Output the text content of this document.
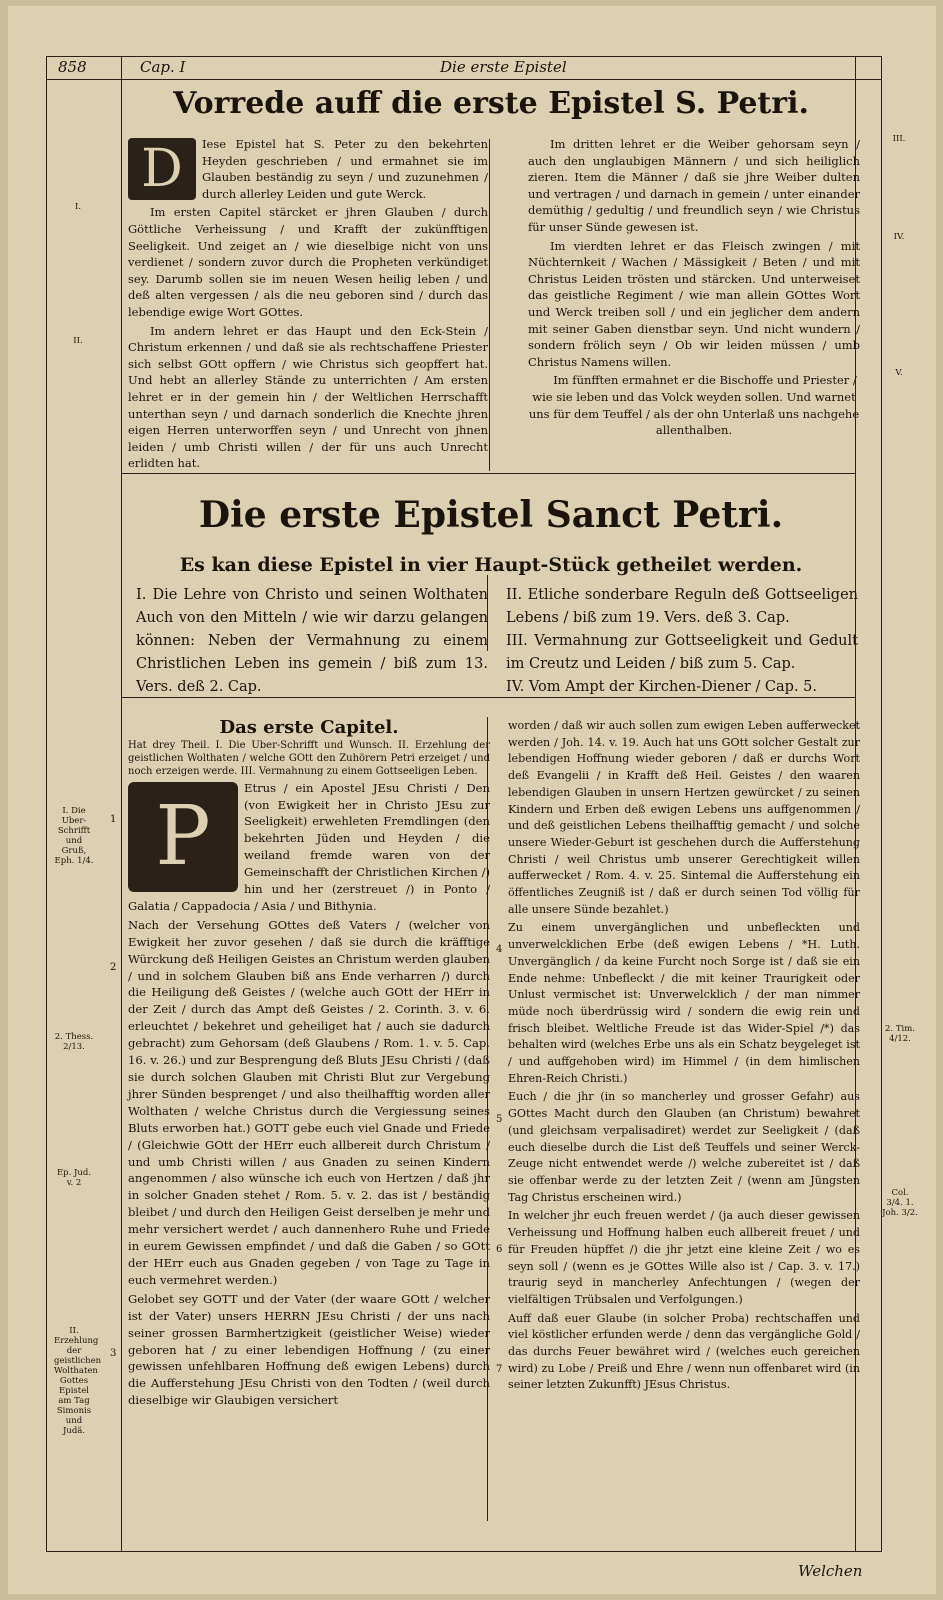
858	Cap. I	Die erste Epistel
Vorrede auff die erste Epistel S. Petri.
D	Iese Epistel hat S. Peter zu den bekehrten Heyden geschrieben / und ermahnet sie im Glauben beständig zu seyn / und zuzunehmen / durch allerley Leiden und gute Werck.

Im ersten Capitel stärcket er jhren Glauben / durch Göttliche Verheissung / und Krafft der zukünfftigen Seeligkeit. Und zeiget an / wie dieselbige nicht von uns verdienet / sondern zuvor durch die Propheten verkündiget sey. Darumb sollen sie im neuen Wesen heilig leben / und deß alten vergessen / als die neu geboren sind / durch das lebendige ewige Wort GOttes.

Im andern lehret er das Haupt und den Eck-Stein / Christum erkennen / und daß sie als rechtschaffene Priester sich selbst GOtt opffern / wie Christus sich geopffert hat. Und hebt an allerley Stände zu unterrichten / Am ersten lehret er in der gemein hin / der Weltlichen Herrschafft unterthan seyn / und darnach sonderlich die Knechte jhren eigen Herren unterworffen seyn / und Unrecht von jhnen leiden / umb Christi willen / der für uns auch Unrecht erlidten hat.

Im dritten lehret er die Weiber gehorsam seyn / auch den unglaubigen Männern / und sich heiliglich zieren. Item die Männer / daß sie jhre Weiber dulten und vertragen / und darnach in gemein / unter einander demüthig / gedultig / und freundlich seyn / wie Christus für unser Sünde gewesen ist.

Im vierdten lehret er das Fleisch zwingen / mit Nüchternkeit / Wachen / Mässigkeit / Beten / und mit Christus Leiden trösten und stärcken. Und unterweiset das geistliche Regiment / wie man allein GOttes Wort und Werck treiben soll / und ein jeglicher dem andern mit seiner Gaben dienstbar seyn. Und nicht wundern / sondern frölich seyn / Ob wir leiden müssen / umb Christus Namens willen.

Im fünfften ermahnet er die Bischoffe und Priester / wie sie leben und das Volck weyden sollen. Und warnet uns für dem Teuffel / als der ohn Unterlaß uns nachgehe allenthalben.

I.
II.
III.
IV.
V.
Die erste Epistel Sanct Petri.
Es kan diese Epistel in vier Haupt-Stück getheilet werden.
I. Die Lehre von Christo und seinen Wolthaten Auch von den Mitteln / wie wir darzu gelangen können: Neben der Vermahnung zu einem Christlichen Leben ins gemein / biß zum 13. Vers. deß 2. Cap.
II. Etliche sonderbare Reguln deß Gottseeligen Lebens / biß zum 19. Vers. deß 3. Cap.
III. Vermahnung zur Gottseeligkeit und Gedult im Creutz und Leiden / biß zum 5. Cap.
IV. Vom Ampt der Kirchen-Diener / Cap. 5.
Das erste Capitel.

Hat drey Theil. I. Die Uber-Schrifft und Wunsch. II. Erzehlung der geistlichen Wolthaten / welche GOtt den Zuhörern Petri erzeiget / und noch erzeigen werde. III. Vermahnung zu einem Gottseeligen Leben.

P

Etrus / ein Apostel JEsu Christi / Den (von Ewigkeit her in Christo JEsu zur Seeligkeit) erwehleten Fremdlingen (den bekehrten Jüden und Heyden / die weiland fremde waren von der Gemeinschafft der Christlichen Kirchen /) hin und her (zerstreuet /) in Ponto / Galatia / Cappadocia / Asia / und Bithynia.

Nach der Versehung GOttes deß Vaters / (welcher von Ewigkeit her zuvor gesehen / daß sie durch die kräfftige Würckung deß Heiligen Geistes an Christum werden glauben / und in solchem Glauben biß ans Ende verharren /) durch die Heiligung deß Geistes / (welche auch GOtt der HErr in der Zeit / durch das Ampt deß Geistes / 2. Corinth. 3. v. 6. erleuchtet / bekehret und geheiliget hat / auch sie dadurch gebracht) zum Gehorsam (deß Glaubens / Rom. 1. v. 5. Cap. 16. v. 26.) und zur Besprengung deß Bluts JEsu Christi / (daß sie durch solchen Glauben mit Christi Blut zur Vergebung jhrer Sünden besprenget / und also theilhafftig worden aller Wolthaten / welche Christus durch die Vergiessung seines Bluts erworben hat.) GOTT gebe euch viel Gnade und Friede / (Gleichwie GOtt der HErr euch allbereit durch Christum / und umb Christi willen / aus Gnaden zu seinen Kindern angenommen / also wünsche ich euch von Hertzen / daß jhr in solcher Gnaden stehet / Rom. 5. v. 2. das ist / beständig bleibet / und durch den Heiligen Geist derselben je mehr und mehr versichert werdet / auch dannenhero Ruhe und Friede in eurem Gewissen empfindet / und daß die Gaben / so GOtt der HErr euch aus Gnaden gegeben / von Tage zu Tage in euch vermehret werden.)

Gelobet sey GOTT und der Vater (der waare GOtt / welcher ist der Vater) unsers HERRN JEsu Christi / der uns nach seiner grossen Barmhertzigkeit (geistlicher Weise) wieder geboren hat / zu einer lebendigen Hoffnung / (zu einer gewissen unfehlbaren Hoffnung deß ewigen Lebens) durch die Aufferstehung JEsu Christi von den Todten / (weil durch dieselbige wir Glaubigen versichert

worden / daß wir auch sollen zum ewigen Leben aufferwecket werden / Joh. 14. v. 19. Auch hat uns GOtt solcher Gestalt zur lebendigen Hoffnung wieder geboren / daß er durchs Wort deß Evangelii / in Krafft deß Heil. Geistes / den waaren lebendigen Glauben in unsern Hertzen gewürcket / zu seinen Kindern und Erben deß ewigen Lebens uns auffgenommen / und deß geistlichen Lebens theilhafftig gemacht / und solche unsere Wieder-Geburt ist geschehen durch die Aufferstehung Christi / weil Christus umb unserer Gerechtigkeit willen aufferwecket / Rom. 4. v. 25. Sintemal die Aufferstehung ein öffentliches Zeugniß ist / daß er durch seinen Tod völlig für alle unsere Sünde bezahlet.)

Zu einem unvergänglichen und unbefleckten und unverwelcklichen Erbe (deß ewigen Lebens / *H. Luth. Unvergänglich / da keine Furcht noch Sorge ist / daß sie ein Ende nehme: Unbefleckt / die mit keiner Traurigkeit oder Unlust vermischet ist: Unverwelcklich / der man nimmer müde noch überdrüssig wird / sondern die ewig rein und frisch bleibet. Weltliche Freude ist das Wider-Spiel /*) das behalten wird (welches Erbe uns als ein Schatz beygeleget ist / und auffgehoben wird) im Himmel / (in dem himlischen Ehren-Reich Christi.)

Euch / die jhr (in so mancherley und grosser Gefahr) aus GOttes Macht durch den Glauben (an Christum) bewahret (und gleichsam verpalisadiret) werdet zur Seeligkeit / (daß euch dieselbe durch die List deß Teuffels und seiner Werck-Zeuge nicht entwendet werde /) welche zubereitet ist / daß sie offenbar werde zu der letzten Zeit / (wenn am Jüngsten Tag Christus erscheinen wird.)

In welcher jhr euch freuen werdet / (ja auch dieser gewissen Verheissung und Hoffnung halben euch allbereit freuet / und für Freuden hüpffet /) die jhr jetzt eine kleine Zeit / wo es seyn soll / (wenn es je GOttes Wille also ist / Cap. 3. v. 17.) traurig seyd in mancherley Anfechtungen / (wegen der vielfältigen Trübsalen und Verfolgungen.)

Auff daß euer Glaube (in solcher Proba) rechtschaffen und viel köstlicher erfunden werde / denn das vergängliche Gold / das durchs Feuer bewähret wird / (welches euch gereichen wird) zu Lobe / Preiß und Ehre / wenn nun offenbaret wird (in seiner letzten Zukunfft) JEsus Christus.

1
2
3
4
5
6
7
I. Die Uber-Schrifft und Gruß, Eph. 1/4.
2. Thess. 2/13.
Ep. Jud. v. 2
II. Erzehlung der geistlichen Wolthaten Gottes Epistel am Tag Simonis und Judä.
2. Tim. 4/12.
Col. 3/4. 1. Joh. 3/2.
Welchen
